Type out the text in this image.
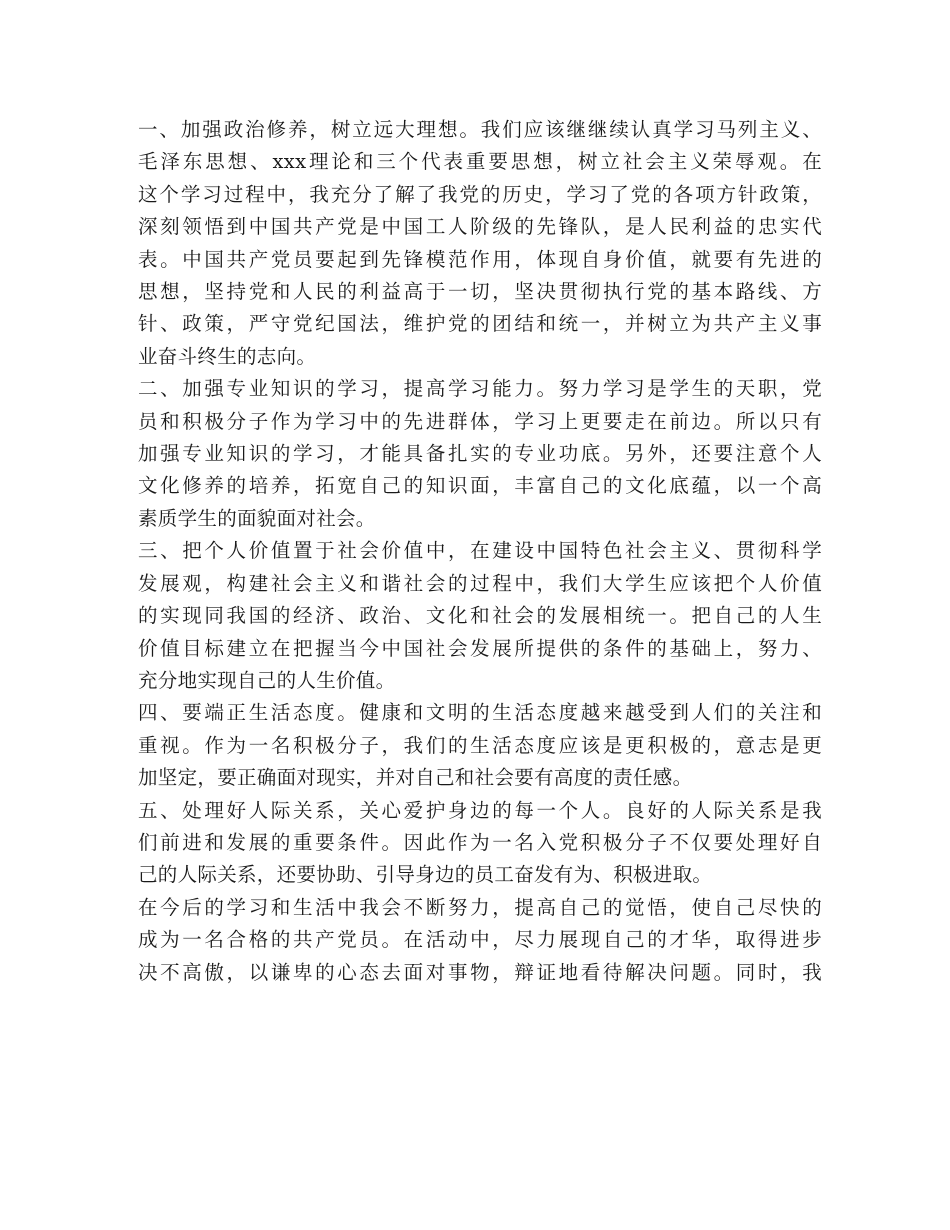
一、加强政治修养，树立远大理想。我们应该继继续认真学习马列主义、
毛泽东思想、xxx理论和三个代表重要思想，树立社会主义荣辱观。在
这个学习过程中，我充分了解了我党的历史，学习了党的各项方针政策，
深刻领悟到中国共产党是中国工人阶级的先锋队，是人民利益的忠实代
表。中国共产党员要起到先锋模范作用，体现自身价值，就要有先进的
思想，坚持党和人民的利益高于一切，坚决贯彻执行党的基本路线、方
针、政策，严守党纪国法，维护党的团结和统一，并树立为共产主义事
业奋斗终生的志向。

二、加强专业知识的学习，提高学习能力。努力学习是学生的天职，党
员和积极分子作为学习中的先进群体，学习上更要走在前边。所以只有
加强专业知识的学习，才能具备扎实的专业功底。另外，还要注意个人
文化修养的培养，拓宽自己的知识面，丰富自己的文化底蕴，以一个高
素质学生的面貌面对社会。

三、把个人价值置于社会价值中，在建设中国特色社会主义、贯彻科学
发展观，构建社会主义和谐社会的过程中，我们大学生应该把个人价值
的实现同我国的经济、政治、文化和社会的发展相统一。把自己的人生
价值目标建立在把握当今中国社会发展所提供的条件的基础上，努力、
充分地实现自己的人生价值。

四、要端正生活态度。健康和文明的生活态度越来越受到人们的关注和
重视。作为一名积极分子，我们的生活态度应该是更积极的，意志是更
加坚定，要正确面对现实，并对自己和社会要有高度的责任感。

五、处理好人际关系，关心爱护身边的每一个人。良好的人际关系是我
们前进和发展的重要条件。因此作为一名入党积极分子不仅要处理好自
己的人际关系，还要协助、引导身边的员工奋发有为、积极进取。

在今后的学习和生活中我会不断努力，提高自己的觉悟，使自己尽快的
成为一名合格的共产党员。在活动中，尽力展现自己的才华，取得进步
决不高傲，以谦卑的心态去面对事物，辩证地看待解决问题。同时，我
